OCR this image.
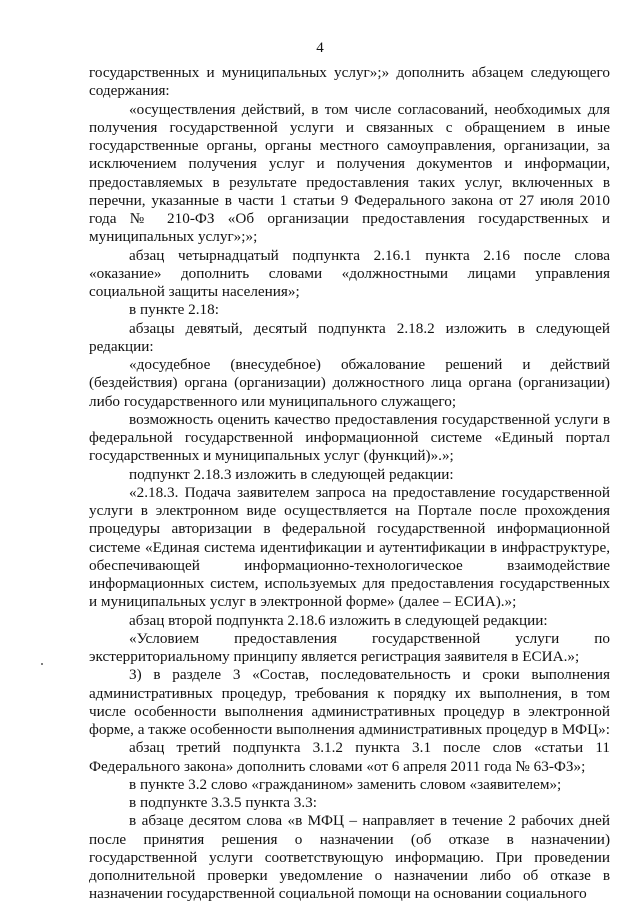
4

государственных и муниципальных услуг»;» дополнить абзацем следующего содержания:

«осуществления действий, в том числе согласований, необходимых для получения государственной услуги и связанных с обращением в иные государственные органы, органы местного самоуправления, организации, за исключением получения услуг и получения документов и информации, предоставляемых в результате предоставления таких услуг, включенных в перечни, указанные в части 1 статьи 9 Федерального закона от 27 июля 2010 года № 210-ФЗ «Об организации предоставления государственных и муниципальных услуг»;»;

абзац четырнадцатый подпункта 2.16.1 пункта 2.16 после слова «оказание» дополнить словами «должностными лицами управления социальной защиты населения»;

в пункте 2.18:

абзацы девятый, десятый подпункта 2.18.2 изложить в следующей редакции:

«досудебное (внесудебное) обжалование решений и действий (бездействия) органа (организации) должностного лица органа (организации) либо государственного или муниципального служащего;

возможность оценить качество предоставления государственной услуги в федеральной государственной информационной системе «Единый портал государственных и муниципальных услуг (функций)».»;

подпункт 2.18.3 изложить в следующей редакции:

«2.18.3. Подача заявителем запроса на предоставление государственной услуги в электронном виде осуществляется на Портале после прохождения процедуры авторизации в федеральной государственной информационной системе «Единая система идентификации и аутентификации в инфраструктуре, обеспечивающей информационно-технологическое взаимодействие информационных систем, используемых для предоставления государственных и муниципальных услуг в электронной форме» (далее – ЕСИА).»;

абзац второй подпункта 2.18.6 изложить в следующей редакции:

«Условием предоставления государственной услуги по экстерриториальному принципу является регистрация заявителя в ЕСИА.»;

3) в разделе 3 «Состав, последовательность и сроки выполнения административных процедур, требования к порядку их выполнения, в том числе особенности выполнения административных процедур в электронной форме, а также особенности выполнения административных процедур в МФЦ»:

абзац третий подпункта 3.1.2 пункта 3.1 после слов «статьи 11 Федерального закона» дополнить словами «от 6 апреля 2011 года № 63-ФЗ»;

в пункте 3.2 слово «гражданином» заменить словом «заявителем»;

в подпункте 3.3.5 пункта 3.3:

в абзаце десятом слова «в МФЦ – направляет в течение 2 рабочих дней после принятия решения о назначении (об отказе в назначении) государственной услуги соответствующую информацию. При проведении дополнительной проверки уведомление о назначении либо об отказе в назначении государственной социальной помощи на основании социального
